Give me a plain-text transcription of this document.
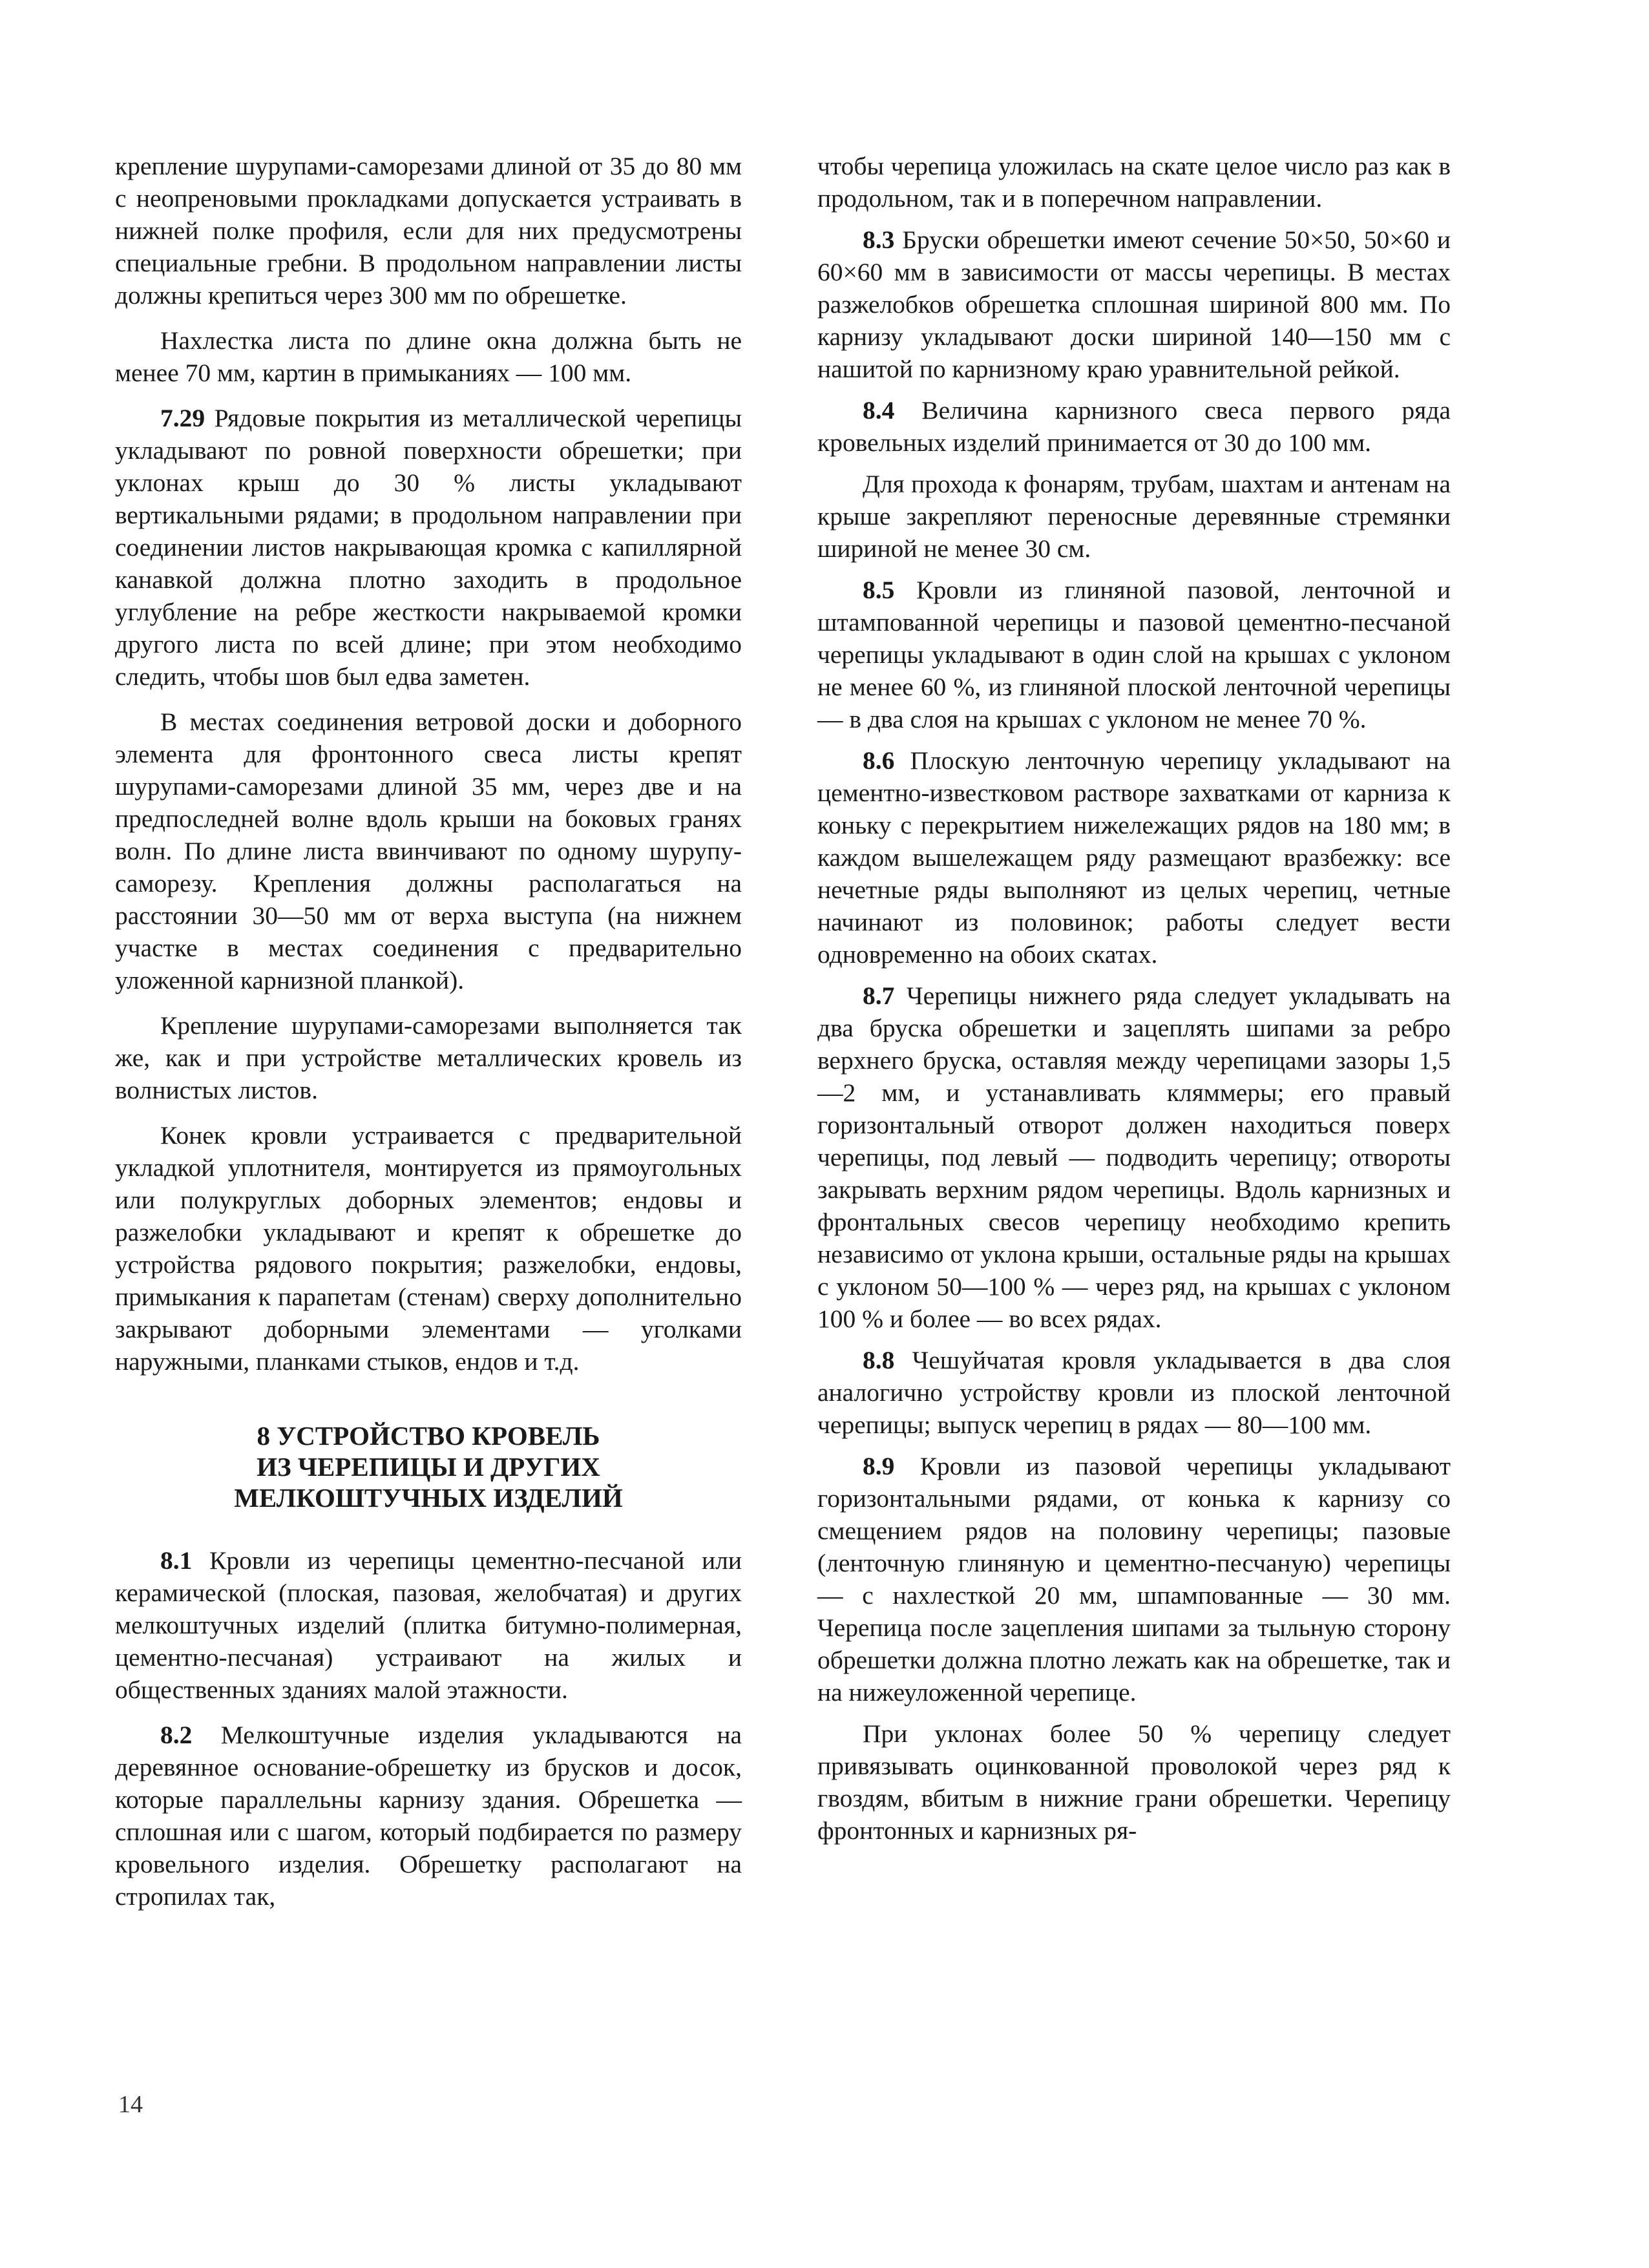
крепление шурупами-саморезами длиной от 35 до 80 мм с неопреновыми прокладками допускается устраивать в нижней полке профиля, если для них предусмотрены специальные гребни. В продольном направлении листы должны крепиться через 300 мм по обрешетке.

Нахлестка листа по длине окна должна быть не менее 70 мм, картин в примыканиях — 100 мм.

7.29 Рядовые покрытия из металлической черепицы укладывают по ровной поверхности обрешетки; при уклонах крыш до 30 % листы укладывают вертикальными рядами; в продольном направлении при соединении листов накрывающая кромка с капиллярной канавкой должна плотно заходить в продольное углубление на ребре жесткости накрываемой кромки другого листа по всей длине; при этом необходимо следить, чтобы шов был едва заметен.

В местах соединения ветровой доски и доборного элемента для фронтонного свеса листы крепят шурупами-саморезами длиной 35 мм, через две и на предпоследней волне вдоль крыши на боковых гранях волн. По длине листа ввинчивают по одному шурупу-саморезу. Крепления должны располагаться на расстоянии 30—50 мм от верха выступа (на нижнем участке в местах соединения с предварительно уложенной карнизной планкой).

Крепление шурупами-саморезами выполняется так же, как и при устройстве металлических кровель из волнистых листов.

Конек кровли устраивается с предварительной укладкой уплотнителя, монтируется из прямоугольных или полукруглых доборных элементов; ендовы и разжелобки укладывают и крепят к обрешетке до устройства рядового покрытия; разжелобки, ендовы, примыкания к парапетам (стенам) сверху дополнительно закрывают доборными элементами — уголками наружными, планками стыков, ендов и т.д.

8 УСТРОЙСТВО КРОВЕЛЬ
ИЗ ЧЕРЕПИЦЫ И ДРУГИХ
МЕЛКОШТУЧНЫХ ИЗДЕЛИЙ

8.1 Кровли из черепицы цементно-песчаной или керамической (плоская, пазовая, желобчатая) и других мелкоштучных изделий (плитка битумно-полимерная, цементно-песчаная) устраивают на жилых и общественных зданиях малой этажности.

8.2 Мелкоштучные изделия укладываются на деревянное основание-обрешетку из брусков и досок, которые параллельны карнизу здания. Обрешетка — сплошная или с шагом, который подбирается по размеру кровельного изделия. Обрешетку располагают на стропилах так,

чтобы черепица уложилась на скате целое число раз как в продольном, так и в поперечном направлении.

8.3 Бруски обрешетки имеют сечение 50×50, 50×60 и 60×60 мм в зависимости от массы черепицы. В местах разжелобков обрешетка сплошная шириной 800 мм. По карнизу укладывают доски шириной 140—150 мм с нашитой по карнизному краю уравнительной рейкой.

8.4 Величина карнизного свеса первого ряда кровельных изделий принимается от 30 до 100 мм.

Для прохода к фонарям, трубам, шахтам и антенам на крыше закрепляют переносные деревянные стремянки шириной не менее 30 см.

8.5 Кровли из глиняной пазовой, ленточной и штампованной черепицы и пазовой цементно-песчаной черепицы укладывают в один слой на крышах с уклоном не менее 60 %, из глиняной плоской ленточной черепицы — в два слоя на крышах с уклоном не менее 70 %.

8.6 Плоскую ленточную черепицу укладывают на цементно-известковом растворе захватками от карниза к коньку с перекрытием нижележащих рядов на 180 мм; в каждом вышележащем ряду размещают вразбежку: все нечетные ряды выполняют из целых черепиц, четные начинают из половинок; работы следует вести одновременно на обоих скатах.

8.7 Черепицы нижнего ряда следует укладывать на два бруска обрешетки и зацеплять шипами за ребро верхнего бруска, оставляя между черепицами зазоры 1,5—2 мм, и устанавливать кляммеры; его правый горизонтальный отворот должен находиться поверх черепицы, под левый — подводить черепицу; отвороты закрывать верхним рядом черепицы. Вдоль карнизных и фронтальных свесов черепицу необходимо крепить независимо от уклона крыши, остальные ряды на крышах с уклоном 50—100 % — через ряд, на крышах с уклоном 100 % и более — во всех рядах.

8.8 Чешуйчатая кровля укладывается в два слоя аналогично устройству кровли из плоской ленточной черепицы; выпуск черепиц в рядах — 80—100 мм.

8.9 Кровли из пазовой черепицы укладывают горизонтальными рядами, от конька к карнизу со смещением рядов на половину черепицы; пазовые (ленточную глиняную и цементно-песчаную) черепицы — с нахлесткой 20 мм, шпампованные — 30 мм. Черепица после зацепления шипами за тыльную сторону обрешетки должна плотно лежать как на обрешетке, так и на нижеуложенной черепице.

При уклонах более 50 % черепицу следует привязывать оцинкованной проволокой через ряд к гвоздям, вбитым в нижние грани обрешетки. Черепицу фронтонных и карнизных ря-

14
